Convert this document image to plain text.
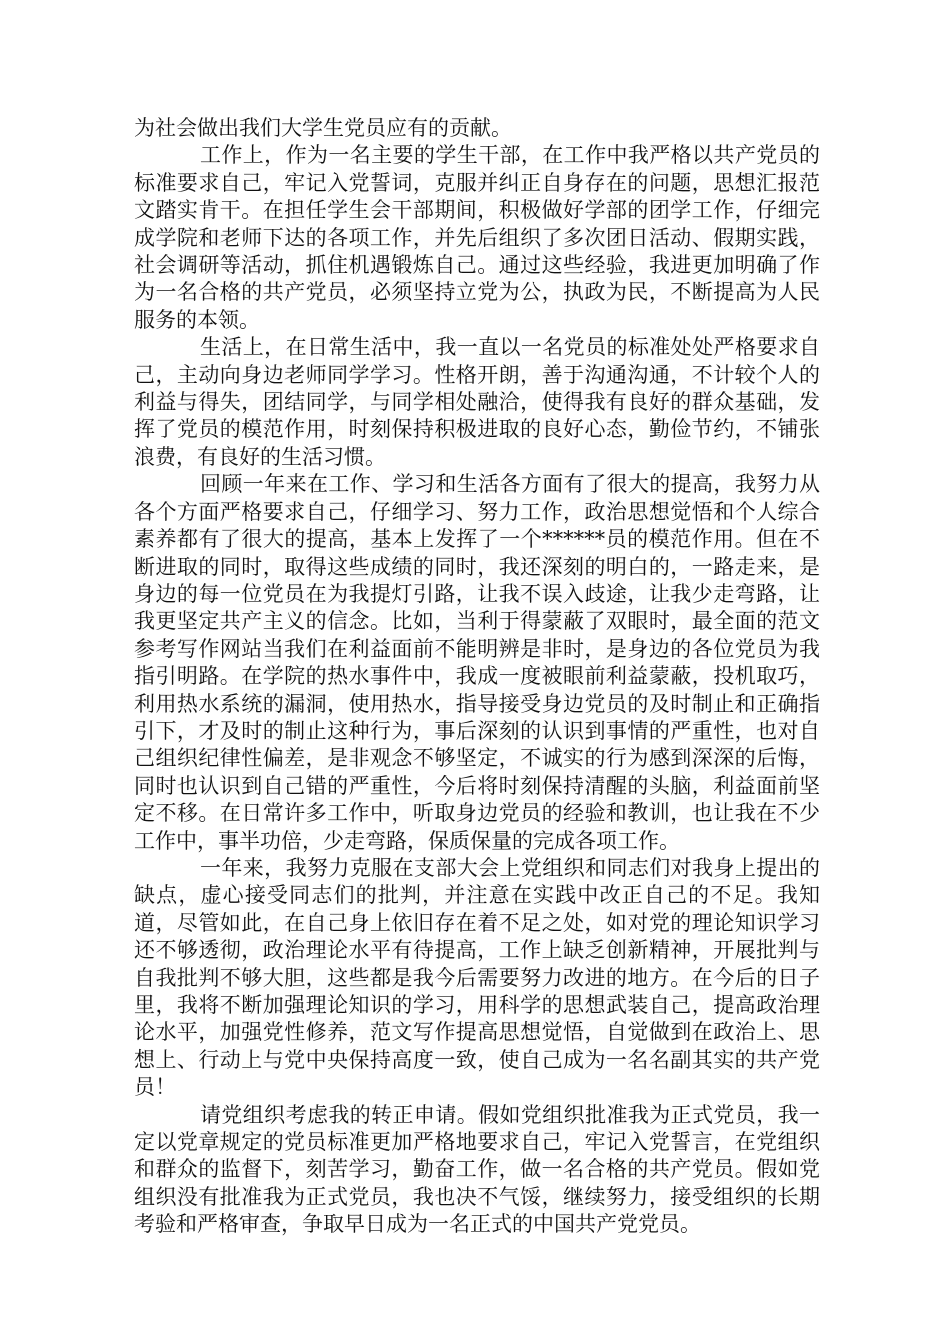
为社会做出我们大学生党员应有的贡献。

工作上，作为一名主要的学生干部，在工作中我严格以共产党员的标准要求自己，牢记入党誓词，克服并纠正自身存在的问题，思想汇报范文踏实肯干。在担任学生会干部期间，积极做好学部的团学工作，仔细完成学院和老师下达的各项工作，并先后组织了多次团日活动、假期实践，社会调研等活动，抓住机遇锻炼自己。通过这些经验，我进更加明确了作为一名合格的共产党员，必须坚持立党为公，执政为民，不断提高为人民服务的本领。

生活上，在日常生活中，我一直以一名党员的标准处处严格要求自己，主动向身边老师同学学习。性格开朗，善于沟通沟通，不计较个人的利益与得失，团结同学，与同学相处融洽，使得我有良好的群众基础，发挥了党员的模范作用，时刻保持积极进取的良好心态，勤俭节约，不铺张浪费，有良好的生活习惯。

回顾一年来在工作、学习和生活各方面有了很大的提高，我努力从各个方面严格要求自己，仔细学习、努力工作，政治思想觉悟和个人综合素养都有了很大的提高，基本上发挥了一个******员的模范作用。但在不断进取的同时，取得这些成绩的同时，我还深刻的明白的，一路走来，是身边的每一位党员在为我提灯引路，让我不误入歧途，让我少走弯路，让我更坚定共产主义的信念。比如，当利于得蒙蔽了双眼时，最全面的范文参考写作网站当我们在利益面前不能明辨是非时，是身边的各位党员为我指引明路。在学院的热水事件中，我成一度被眼前利益蒙蔽，投机取巧，利用热水系统的漏洞，使用热水，指导接受身边党员的及时制止和正确指引下，才及时的制止这种行为，事后深刻的认识到事情的严重性，也对自己组织纪律性偏差，是非观念不够坚定，不诚实的行为感到深深的后悔，同时也认识到自己错的严重性，今后将时刻保持清醒的头脑，利益面前坚定不移。在日常许多工作中，听取身边党员的经验和教训，也让我在不少工作中，事半功倍，少走弯路，保质保量的完成各项工作。

一年来，我努力克服在支部大会上党组织和同志们对我身上提出的缺点，虚心接受同志们的批判，并注意在实践中改正自己的不足。我知道，尽管如此，在自己身上依旧存在着不足之处，如对党的理论知识学习还不够透彻，政治理论水平有待提高，工作上缺乏创新精神，开展批判与自我批判不够大胆，这些都是我今后需要努力改进的地方。在今后的日子里，我将不断加强理论知识的学习，用科学的思想武装自己，提高政治理论水平，加强党性修养，范文写作提高思想觉悟，自觉做到在政治上、思想上、行动上与党中央保持高度一致，使自己成为一名名副其实的共产党员！

请党组织考虑我的转正申请。假如党组织批准我为正式党员，我一定以党章规定的党员标准更加严格地要求自己，牢记入党誓言，在党组织和群众的监督下，刻苦学习，勤奋工作，做一名合格的共产党员。假如党组织没有批准我为正式党员，我也决不气馁，继续努力，接受组织的长期考验和严格审查，争取早日成为一名正式的中国共产党党员。
